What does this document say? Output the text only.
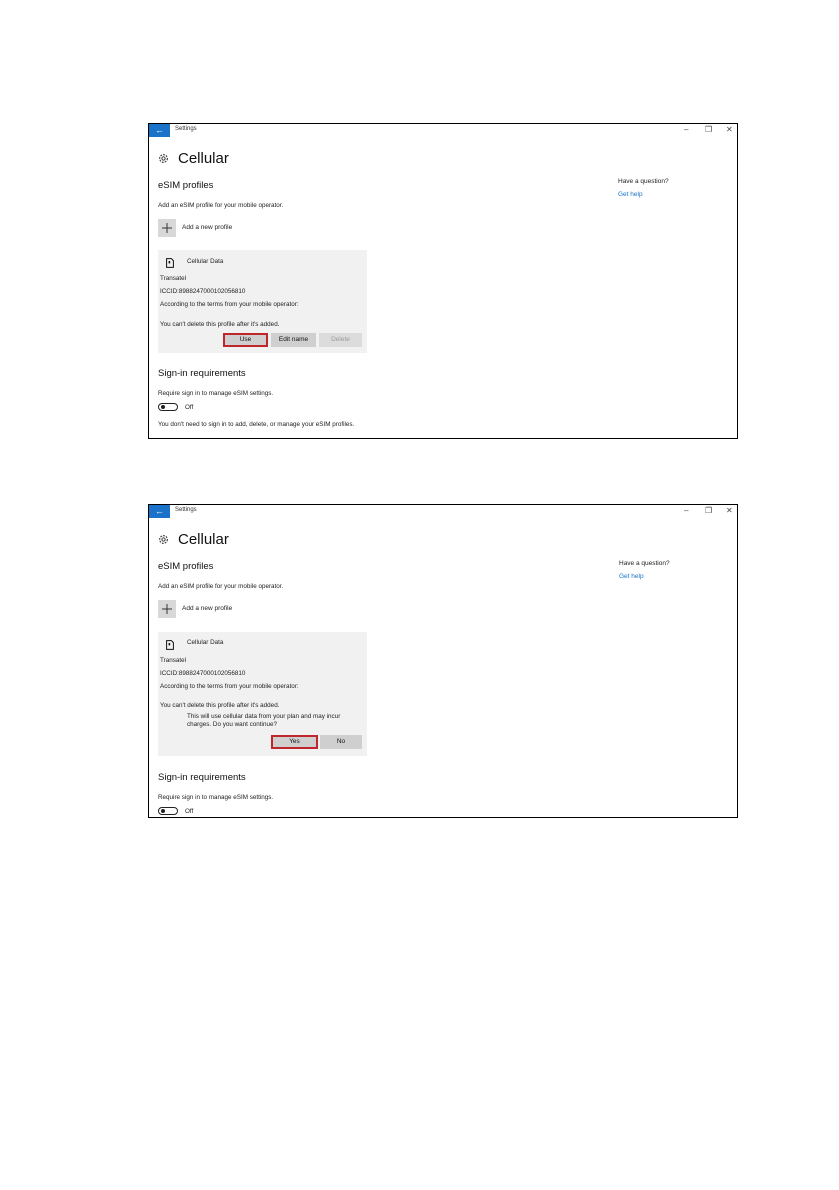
←	Settings	– ❐ ✕
Cellular
eSIM profiles
Add an eSIM profile for your mobile operator.
Add a new profile
Cellular Data
Transatel
ICCID:8988247000102056810
According to the terms from your mobile operator:
You can't delete this profile after it's added.
Use	Edit name	Delete
Sign-in requirements
Require sign in to manage eSIM settings.
Off
You don't need to sign in to add, delete, or manage your eSIM profiles.
Have a question?
Get help
←	Settings	– ❐ ✕
Cellular
eSIM profiles
Add an eSIM profile for your mobile operator.
Add a new profile
Cellular Data
Transatel
ICCID:8988247000102056810
According to the terms from your mobile operator:
You can't delete this profile after it's added.
This will use cellular data from your plan and may incur charges. Do you want continue?
Yes	No
Sign-in requirements
Require sign in to manage eSIM settings.
Off
Have a question?
Get help
